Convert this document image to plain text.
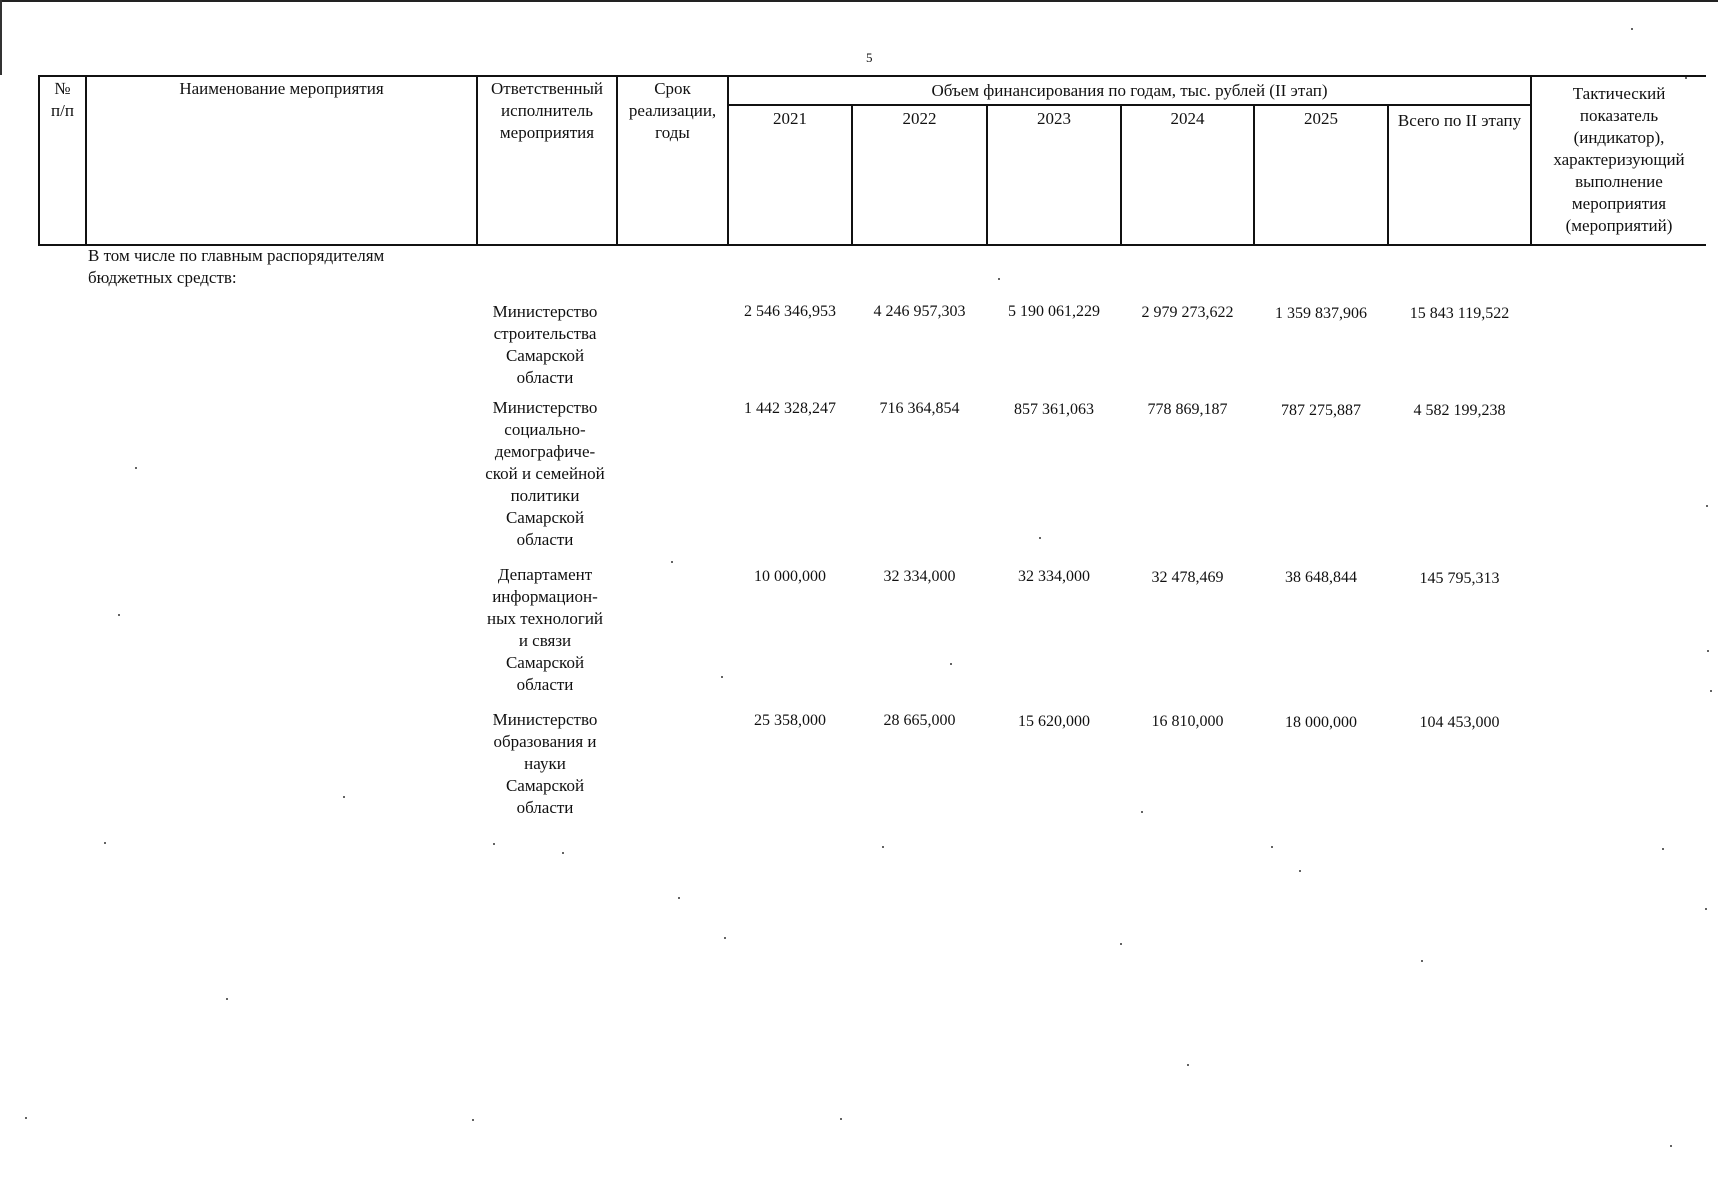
5
№
п/п
Наименование мероприятия	Ответственный
исполнитель
мероприятия
Срок
реализации,
годы
Объем финансирования по годам, тыс. рублей (II этап)
2021	2022	2023	2024	2025	Всего по II этапу
Тактический
показатель
(индикатор),
характеризующий
выполнение
мероприятия
(мероприятий)
В том числе по главным распорядителям
бюджетных средств:
Министерство
строительства
Самарской
области
2 546 346,953	4 246 957,303	5 190 061,229	2 979 273,622	1 359 837,906	15 843 119,522
Министерство
социально-
демографиче-
ской и семейной
политики
Самарской
области
1 442 328,247	716 364,854	857 361,063	778 869,187	787 275,887	4 582 199,238
Департамент
информацион-
ных технологий
и связи
Самарской
области
10 000,000	32 334,000	32 334,000	32 478,469	38 648,844	145 795,313
Министерство
образования и
науки
Самарской
области
25 358,000	28 665,000	15 620,000	16 810,000	18 000,000	104 453,000
